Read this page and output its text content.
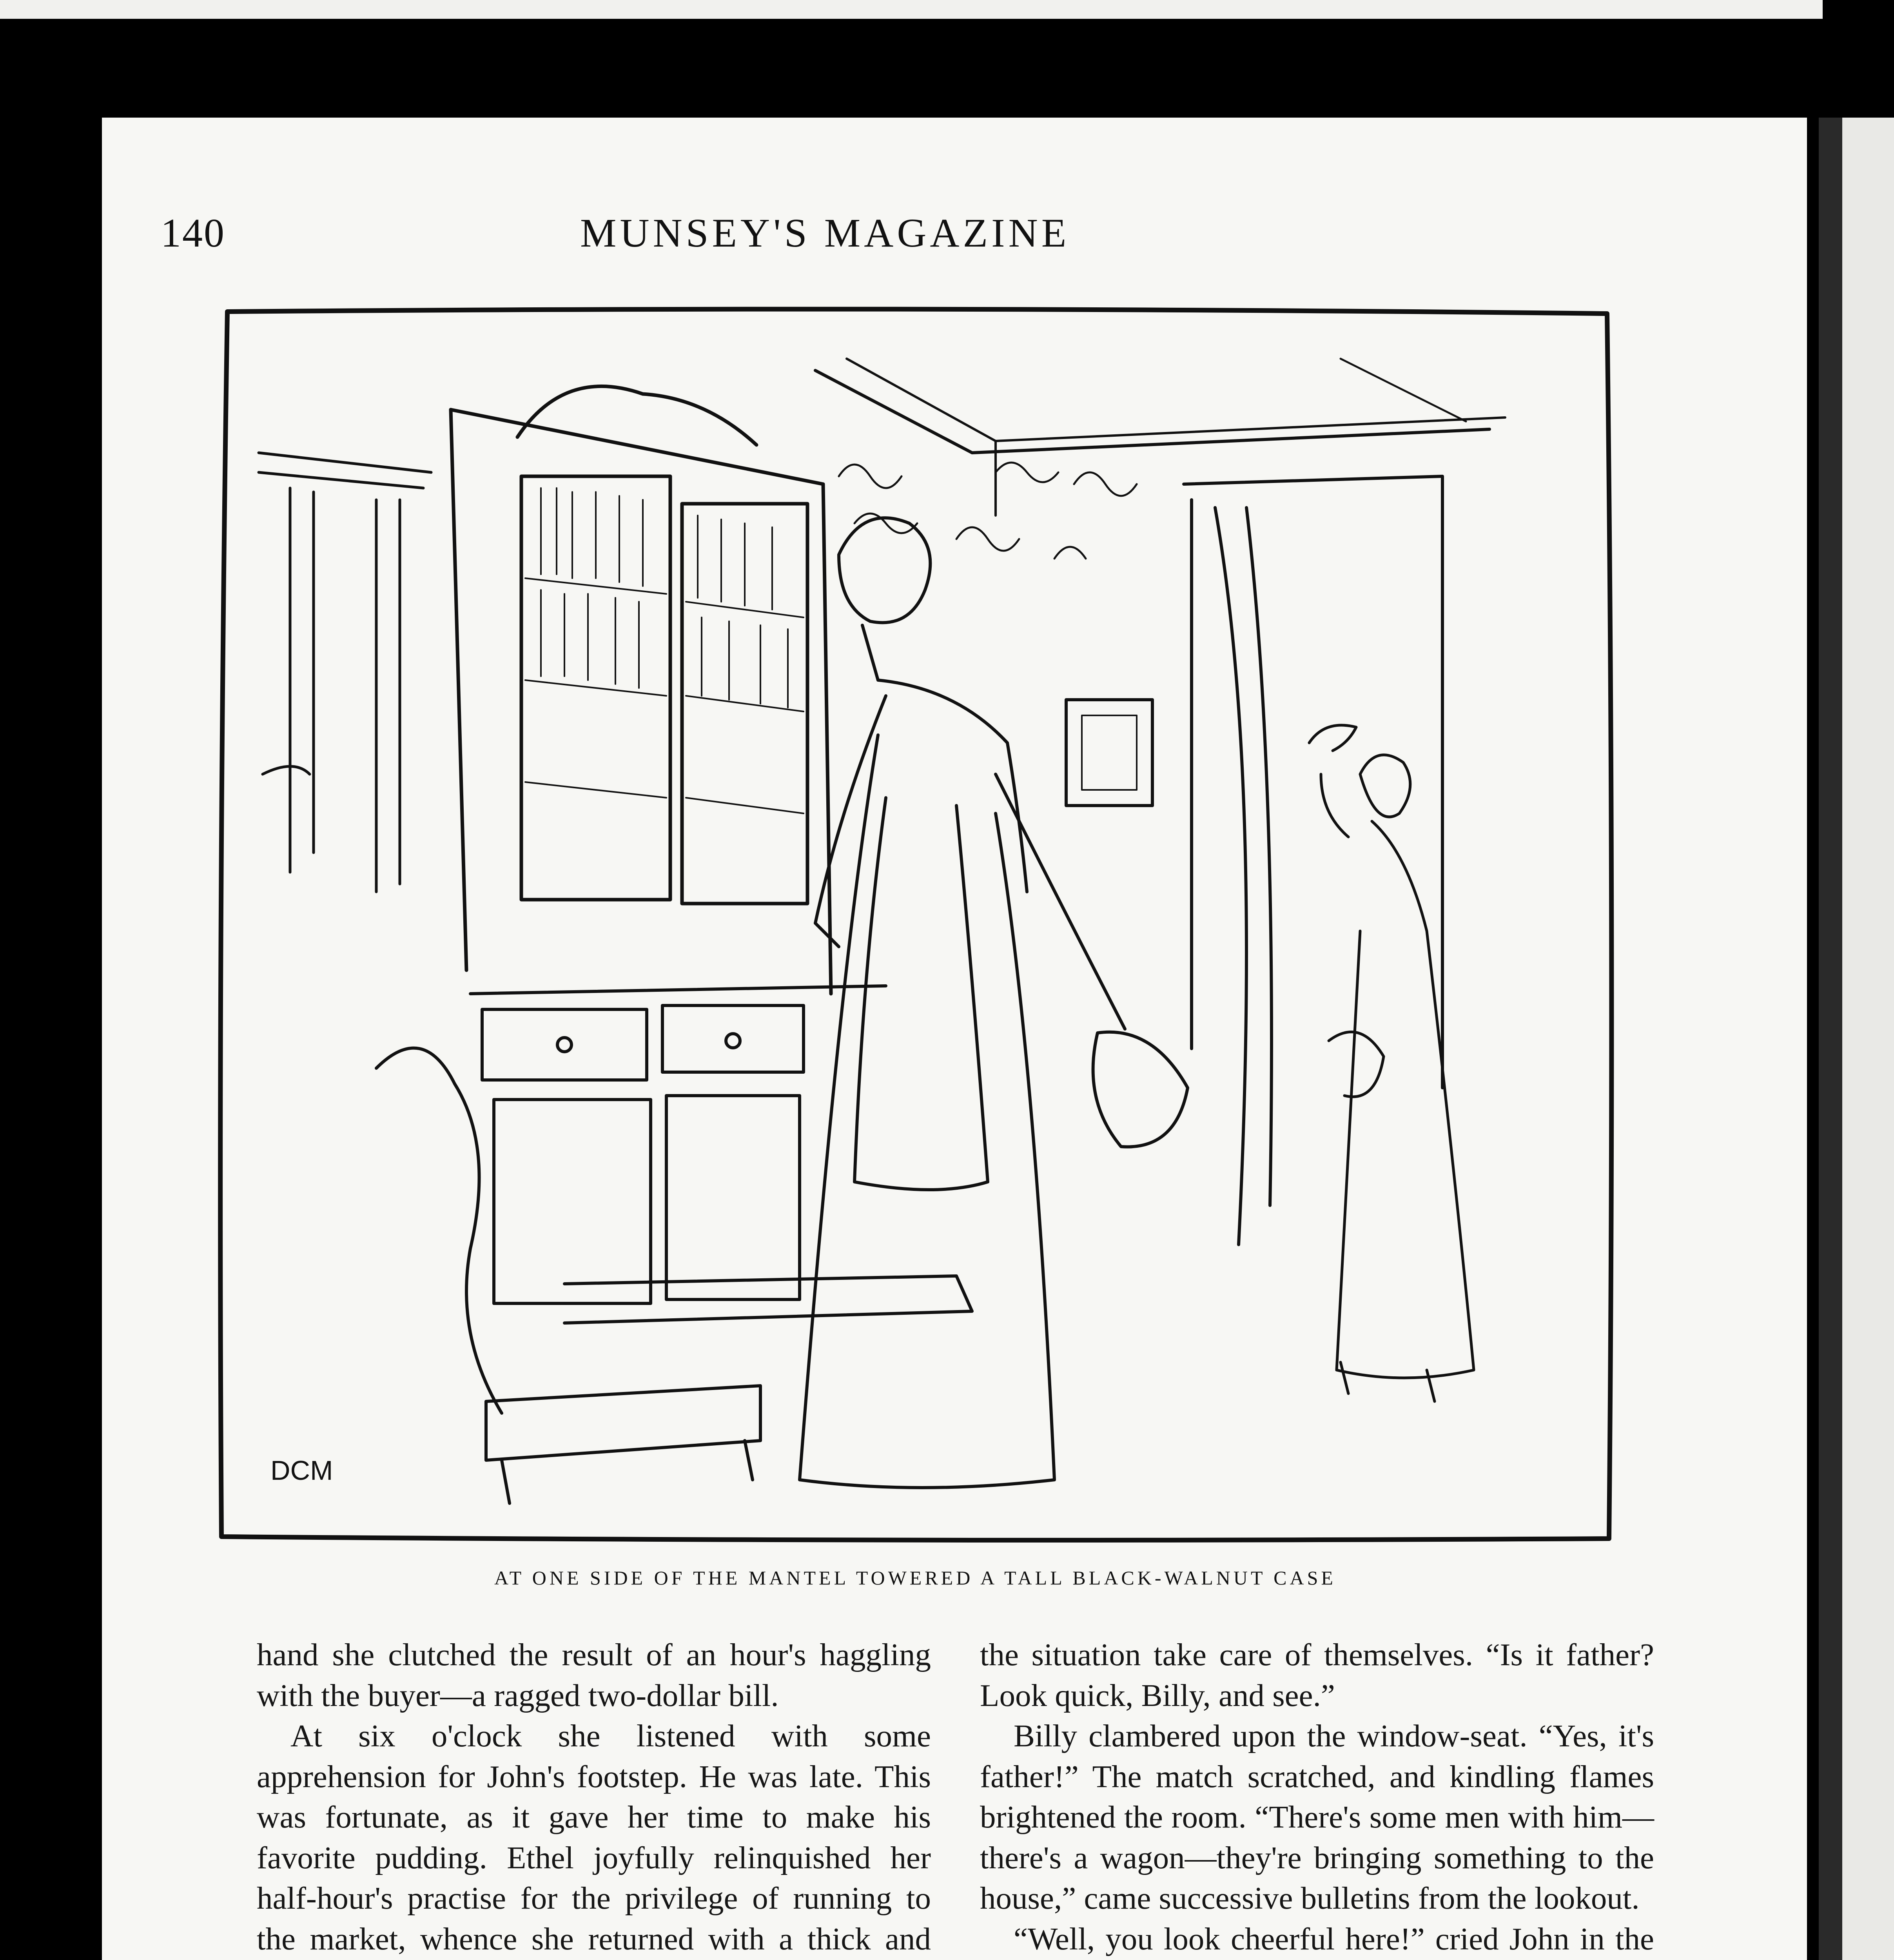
140	MUNSEY'S MAGAZINE
DCM
AT ONE SIDE OF THE MANTEL TOWERED A TALL BLACK-WALNUT CASE

hand she clutched the result of an hour's haggling with the buyer—a ragged two-dollar bill.

At six o'clock she listened with some apprehension for John's footstep. He was late. This was fortunate, as it gave her time to make his favorite pudding. Ethel joyfully relinquished her half-hour's practise for the privilege of running to the market, whence she returned with a thick and

the situation take care of themselves. “Is it father? Look quick, Billy, and see.”

Billy clambered upon the window-seat. “Yes, it's father!” The match scratched, and kindling flames brightened the room. “There's some men with him—there's a wagon—they're bringing something to the house,” came successive bulletins from the lookout.

“Well, you look cheerful here!” cried John in the
